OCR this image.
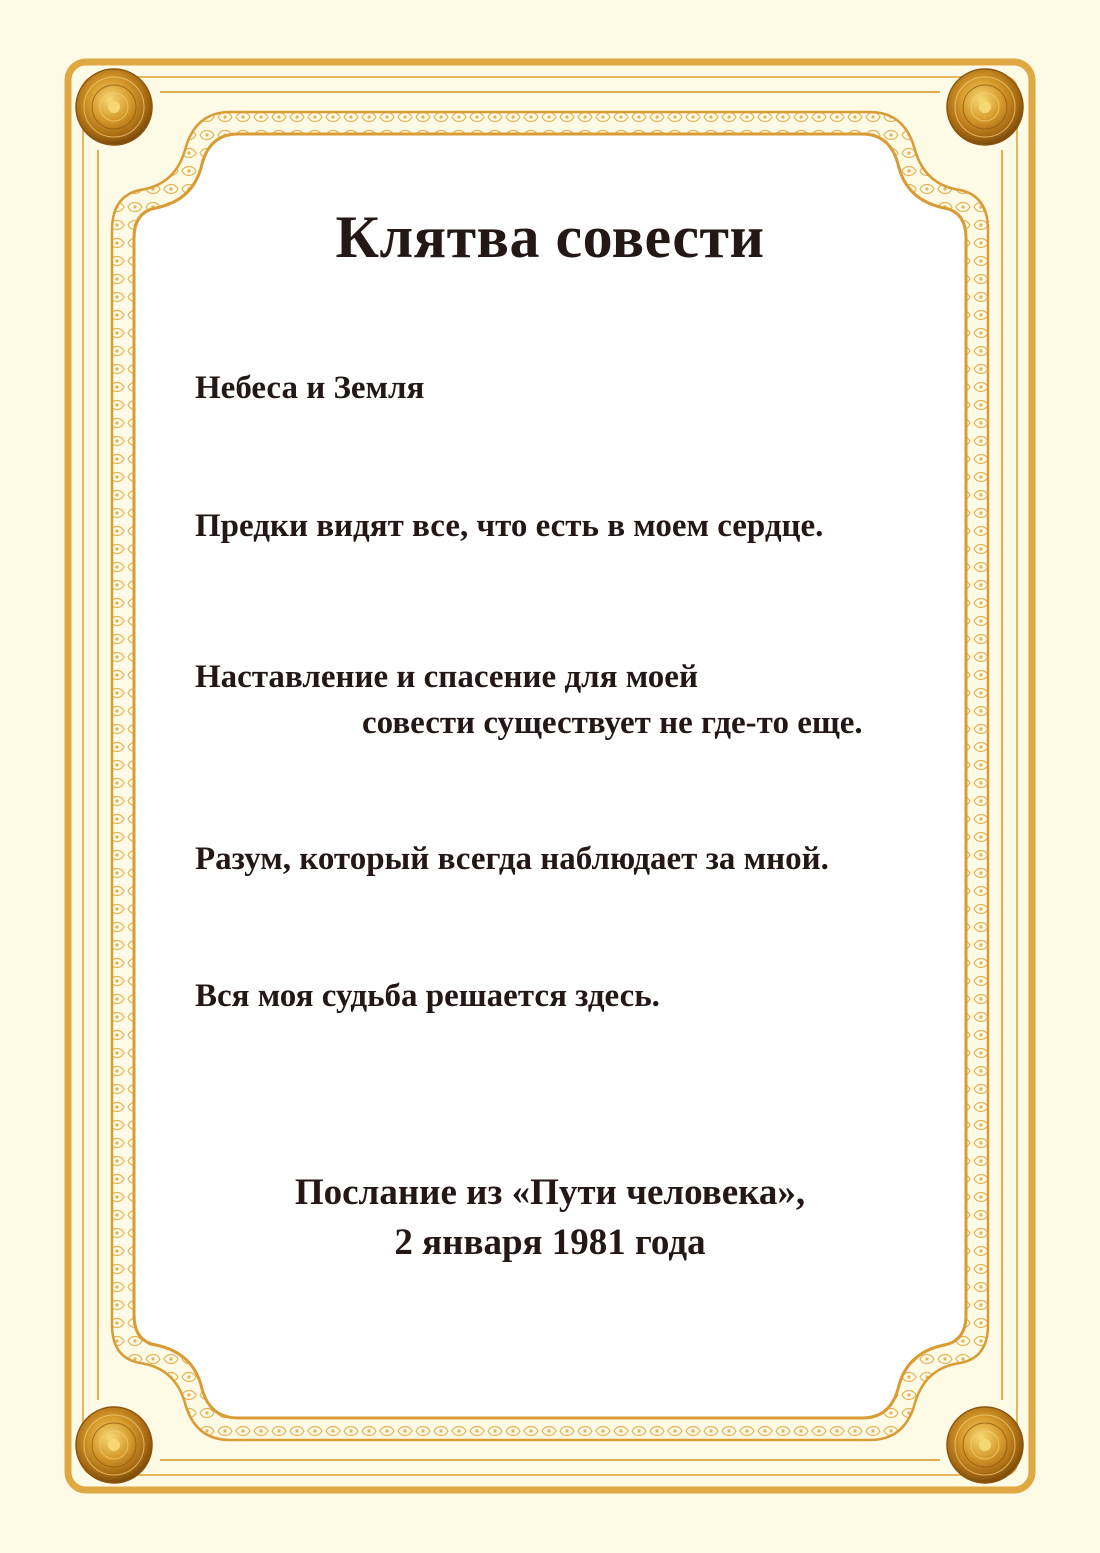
Клятва совести
Небеса и Земля
Предки видят все, что есть в моем сердце.
Наставление и спасение для моей
совести существует не где-то еще.
Разум, который всегда наблюдает за мной.
Вся моя судьба решается здесь.
Послание из «Пути человека»,
2 января 1981 года
